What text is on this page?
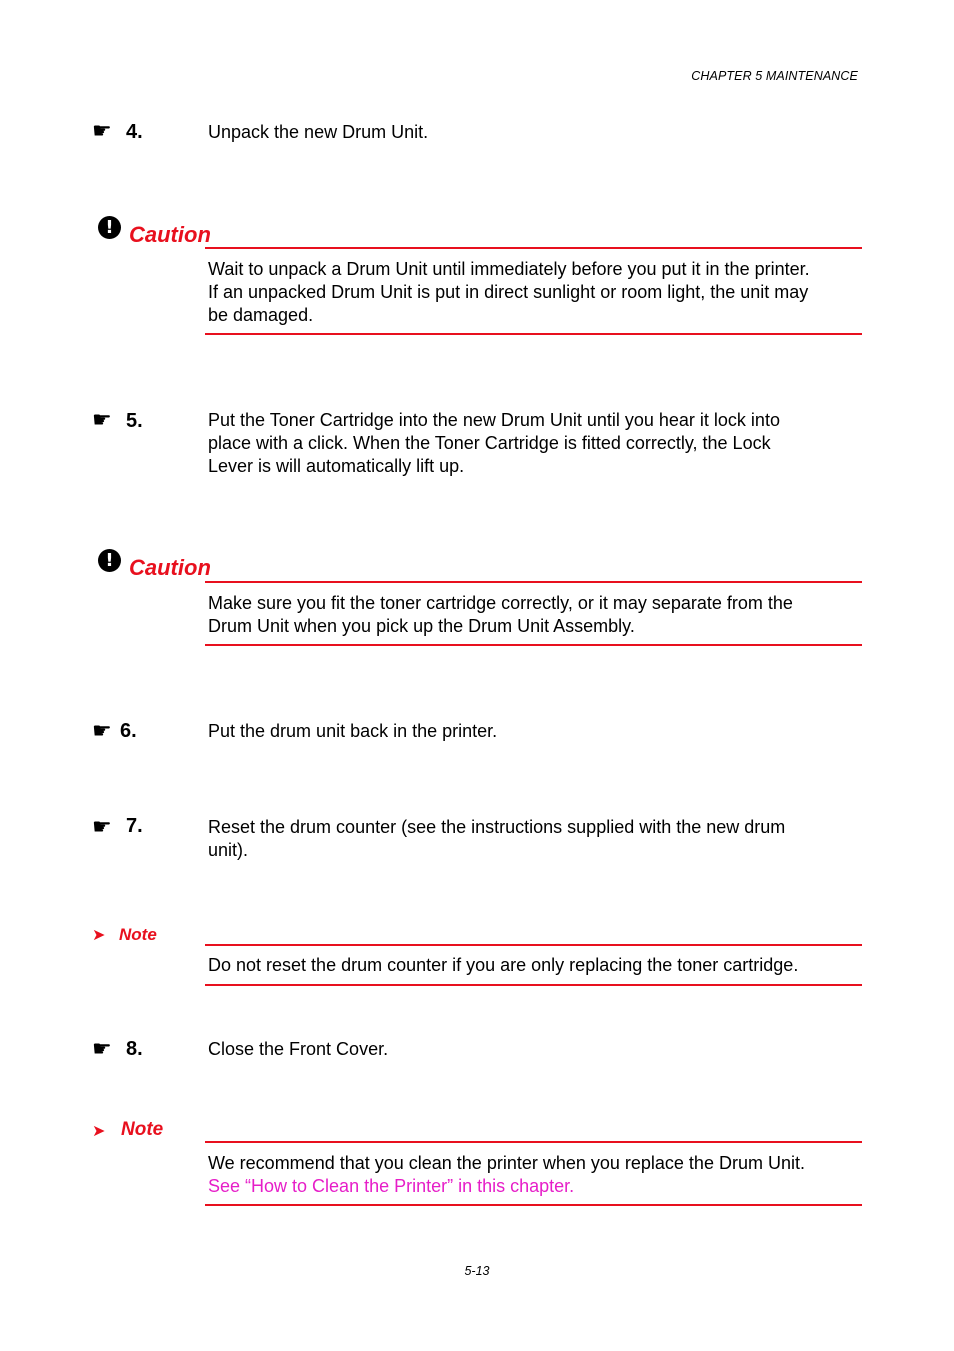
CHAPTER 5 MAINTENANCE
☛ 4.	Unpack the new Drum Unit.
! Caution
Wait to unpack a Drum Unit until immediately before you put it in the printer.
If an unpacked Drum Unit is put in direct sunlight or room light, the unit may
be damaged.
☛ 5.	Put the Toner Cartridge into the new Drum Unit until you hear it lock into
place with a click. When the Toner Cartridge is fitted correctly, the Lock
Lever is will automatically lift up.
! Caution
Make sure you fit the toner cartridge correctly, or it may separate from the
Drum Unit when you pick up the Drum Unit Assembly.
☛ 6.	Put the drum unit back in the printer.
☛ 7.	Reset the drum counter (see the instructions supplied with the new drum
unit).
➤ Note
Do not reset the drum counter if you are only replacing the toner cartridge.
☛ 8.	Close the Front Cover.
➤ Note
We recommend that you clean the printer when you replace the Drum Unit.
See “How to Clean the Printer” in this chapter.
5-13
